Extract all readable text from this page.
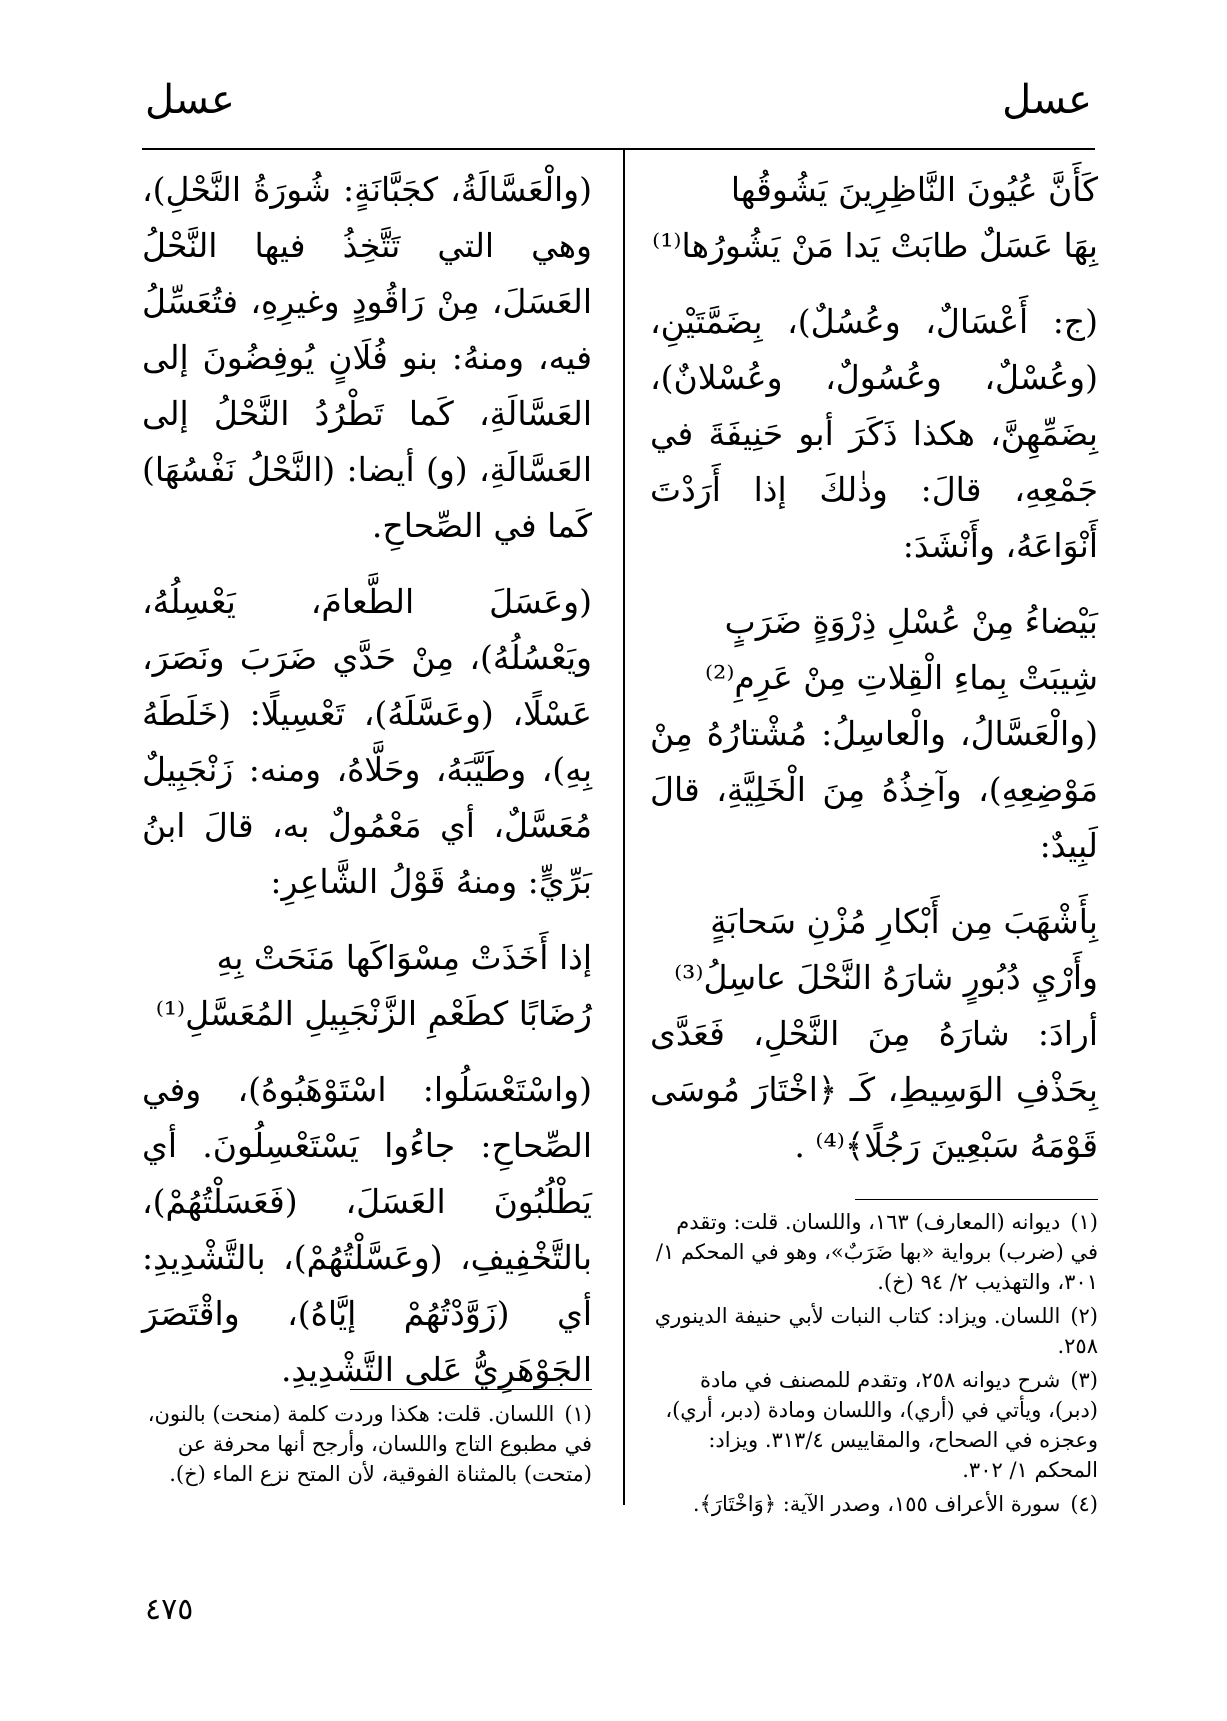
عسل
عسل

كَأَنَّ عُيُونَ النَّاظِرِينَ يَشُوقُها

بِهَا عَسَلٌ طابَتْ يَدا مَنْ يَشُورُها⁽¹⁾

(ج: أَعْسَالٌ، وعُسُلٌ)، بِضَمَّتَيْنِ، (وعُسْلٌ، وعُسُولٌ، وعُسْلانٌ)، بِضَمِّهِنَّ، هكذا ذَكَرَ أبو حَنِيفَةَ في جَمْعِهِ، قالَ: وذٰلكَ إذا أَرَدْتَ أَنْوَاعَهُ، وأَنْشَدَ:

بَيْضاءُ مِنْ عُسْلِ ذِرْوَةٍ ضَرَبٍ

شِيبَتْ بِماءِ الْقِلاتِ مِنْ عَرِمِ⁽²⁾

(والْعَسَّالُ، والْعاسِلُ: مُشْتارُهُ مِنْ مَوْضِعِهِ)، وآخِذُهُ مِنَ الْخَلِيَّةِ، قالَ لَبِيدٌ:

بِأَشْهَبَ مِن أَبْكارِ مُزْنِ سَحابَةٍ

وأَرْيِ دُبُورٍ شارَهُ النَّحْلَ عاسِلُ⁽³⁾

أرادَ: شارَهُ مِنَ النَّحْلِ، فَعَدَّى بِحَذْفِ الوَسِيطِ، كَـ ﴿اخْتَارَ مُوسَى قَوْمَهُ سَبْعِينَ رَجُلًا﴾⁽⁴⁾ .

(والْعَسَّالَةُ، كجَبَّانَةٍ: شُورَةُ النَّحْلِ)، وهي التي تَتَّخِذُ فيها النَّحْلُ العَسَلَ، مِنْ رَاقُودٍ وغيرِهِ، فتُعَسِّلُ فيه، ومنهُ: بنو فُلَانٍ يُوفِضُونَ إلى العَسَّالَةِ، كَما تَطْرُدُ النَّحْلُ إلى العَسَّالَةِ، (و) أيضا: (النَّحْلُ نَفْسُهَا) كَما في الصِّحاحِ.

(وعَسَلَ الطَّعامَ، يَعْسِلُهُ، ويَعْسُلُهُ)، مِنْ حَدَّي ضَرَبَ ونَصَرَ، عَسْلًا، (وعَسَّلَهُ)، تَعْسِيلًا: (خَلَطَهُ بِهِ)، وطَيَّبَهُ، وحَلَّاهُ، ومنه: زَنْجَبِيلٌ مُعَسَّلٌ، أي مَعْمُولٌ به، قالَ ابنُ بَرِّيٍّ: ومنهُ قَوْلُ الشَّاعِرِ:

إذا أَخَذَتْ مِسْوَاكَها مَنَحَتْ بِهِ

رُضَابًا كطَعْمِ الزَّنْجَبِيلِ المُعَسَّلِ⁽¹⁾

(واسْتَعْسَلُوا: اسْتَوْهَبُوهُ)، وفي الصِّحاحِ: جاءُوا يَسْتَعْسِلُونَ. أي يَطْلُبُونَ العَسَلَ، (فَعَسَلْتُهُمْ)، بالتَّخْفِيفِ، (وعَسَّلْتُهُمْ)، بالتَّشْدِيدِ: أي (زَوَّدْتُهُمْ إيَّاهُ)، واقْتَصَرَ الجَوْهَرِيُّ عَلى التَّشْدِيدِ.

(١)ديوانه (المعارف) ١٦٣، واللسان. قلت: وتقدم في (ضرب) برواية «بها ضَرَبٌ»، وهو في المحكم ١/ ٣٠١، والتهذيب ٢/ ٩٤ (خ).

(٢)اللسان. ويزاد: كتاب النبات لأبي حنيفة الدينوري ٢٥٨.

(٣)شرح ديوانه ٢٥٨، وتقدم للمصنف في مادة (دبر)، ويأتي في (أري)، واللسان ومادة (دبر، أري)، وعجزه في الصحاح، والمقاييس ٣١٣/٤. ويزاد: المحكم ١/ ٣٠٢.

(٤)سورة الأعراف ١٥٥، وصدر الآية: ﴿وَاخْتَارَ﴾.

(١)اللسان. قلت: هكذا وردت كلمة (منحت) بالنون، في مطبوع التاج واللسان، وأرجح أنها محرفة عن (متحت) بالمثناة الفوقية، لأن المتح نزع الماء (خ).

٤٧٥
